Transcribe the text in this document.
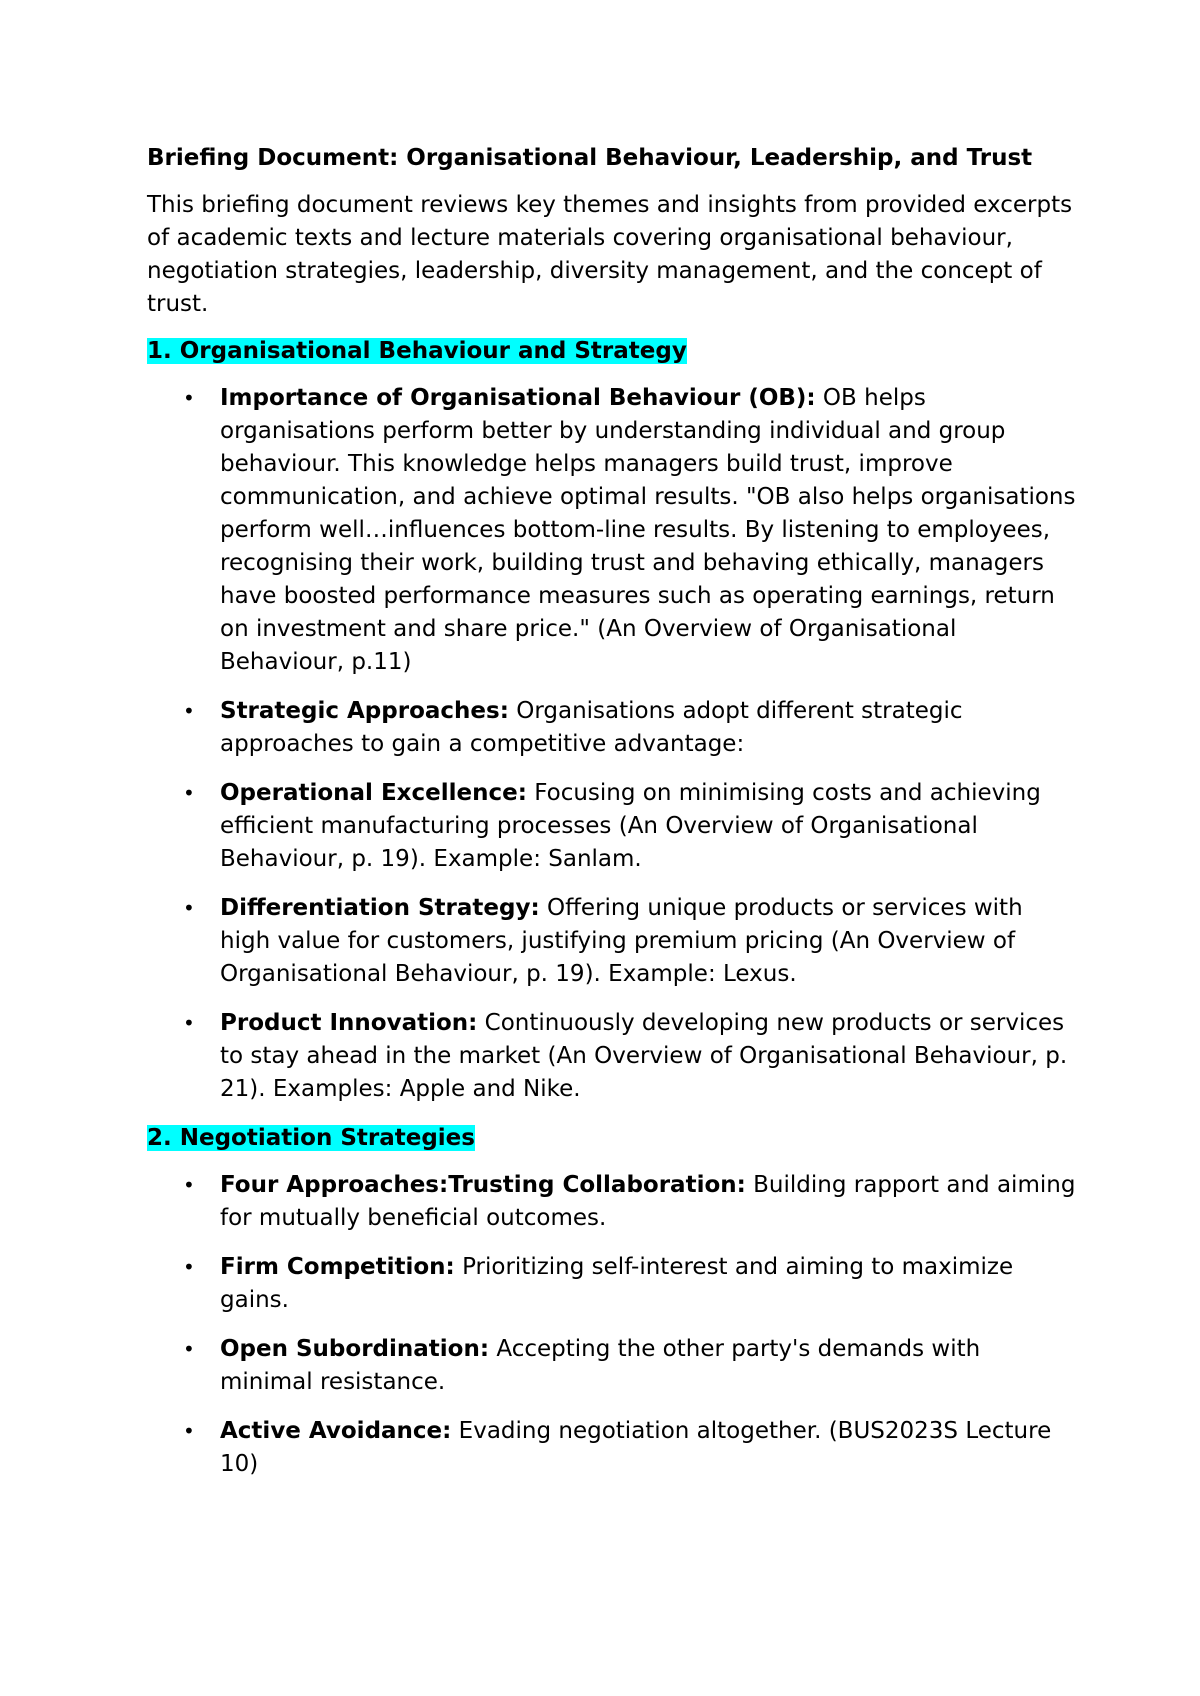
Briefing Document: Organisational Behaviour, Leadership, and Trust
This briefing document reviews key themes and insights from provided excerpts of academic texts and lecture materials covering organisational behaviour, negotiation strategies, leadership, diversity management, and the concept of trust.
1. Organisational Behaviour and Strategy
• Importance of Organisational Behaviour (OB): OB helps organisations perform better by understanding individual and group behaviour. This knowledge helps managers build trust, improve communication, and achieve optimal results. "OB also helps organisations perform well…influences bottom-line results. By listening to employees, recognising their work, building trust and behaving ethically, managers have boosted performance measures such as operating earnings, return on investment and share price." (An Overview of Organisational Behaviour, p.11)
• Strategic Approaches: Organisations adopt different strategic approaches to gain a competitive advantage:
• Operational Excellence: Focusing on minimising costs and achieving efficient manufacturing processes (An Overview of Organisational Behaviour, p. 19). Example: Sanlam.
• Differentiation Strategy: Offering unique products or services with high value for customers, justifying premium pricing (An Overview of Organisational Behaviour, p. 19). Example: Lexus.
• Product Innovation: Continuously developing new products or services to stay ahead in the market (An Overview of Organisational Behaviour, p. 21). Examples: Apple and Nike.
2. Negotiation Strategies
• Four Approaches:Trusting Collaboration: Building rapport and aiming for mutually beneficial outcomes.
• Firm Competition: Prioritizing self-interest and aiming to maximize gains.
• Open Subordination: Accepting the other party's demands with minimal resistance.
• Active Avoidance: Evading negotiation altogether. (BUS2023S Lecture 10)
